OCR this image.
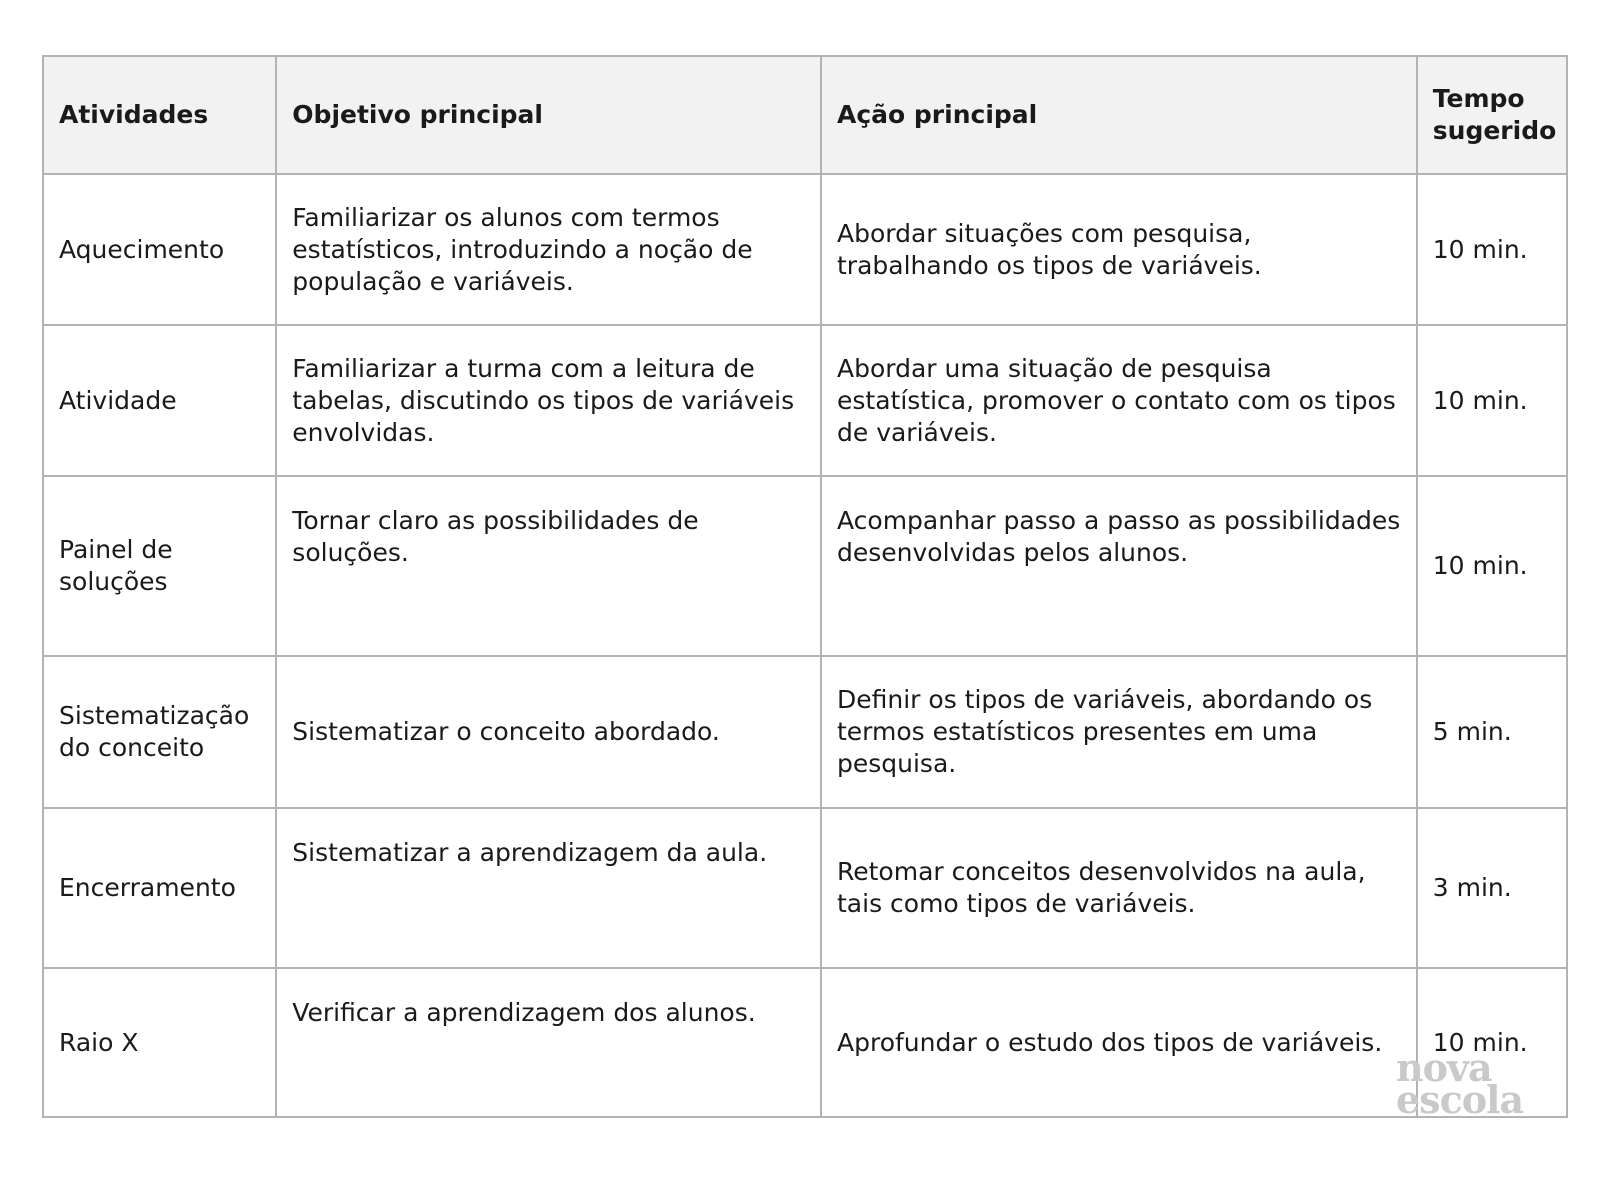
Atividades	Objetivo principal	Ação principal	Tempo sugerido
Aquecimento	Familiarizar os alunos com termos estatísticos, introduzindo a noção de população e variáveis.	Abordar situações com pesquisa, trabalhando os tipos de variáveis.	10 min.
Atividade	Familiarizar a turma com a leitura de tabelas, discutindo os tipos de variáveis envolvidas.	Abordar uma situação de pesquisa estatística, promover o contato com os tipos de variáveis.	10 min.
Painel de soluções	Tornar claro as possibilidades de soluções.	Acompanhar passo a passo as possibilidades desenvolvidas pelos alunos.	10 min.
Sistematização do conceito	Sistematizar o conceito abordado.	Definir os tipos de variáveis, abordando os termos estatísticos presentes em uma pesquisa.	5 min.
Encerramento	Sistematizar a aprendizagem da aula.	Retomar conceitos desenvolvidos na aula, tais como tipos de variáveis.	3 min.
Raio X	Verificar a aprendizagem dos alunos.	Aprofundar o estudo dos tipos de variáveis.	10 min.
nova
escola
